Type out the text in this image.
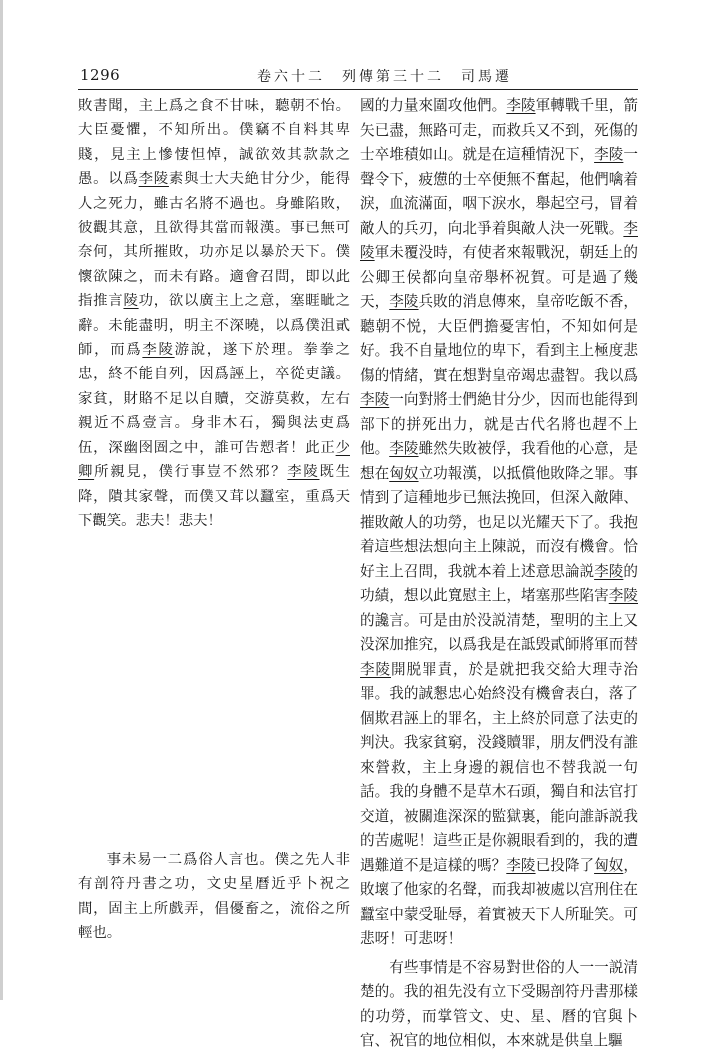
1296	卷六十二　列傳第三十二　司馬遷

敗書聞，主上爲之食不甘味，聽朝不怡。大臣憂懼，不知所出。僕竊不自料其卑賤，見主上慘悽怛悼，誠欲效其款款之愚。以爲李陵素與士大夫絶甘分少，能得人之死力，雖古名將不過也。身雖陷敗，彼觀其意，且欲得其當而報漢。事已無可奈何，其所摧敗，功亦足以暴於天下。僕懷欲陳之，而未有路。適會召問，即以此指推言陵功，欲以廣主上之意，塞睚眦之辭。未能盡明，明主不深曉，以爲僕沮貳師，而爲李陵游說，遂下於理。拳拳之忠，終不能自列，因爲誣上，卒從吏議。家貧，財賂不足以自贖，交游莫救，左右親近不爲壹言。身非木石，獨與法吏爲伍，深幽囹圄之中，誰可告愬者！此正少卿所親見，僕行事豈不然邪？李陵既生降，隤其家聲，而僕又茸以蠶室，重爲天下觀笑。悲夫！悲夫！

事未易一二爲俗人言也。僕之先人非有剖符丹書之功，文史星曆近乎卜祝之間，固主上所戲弄，倡優畜之，流俗之所輕也。

國的力量來圍攻他們。李陵軍轉戰千里，箭矢已盡，無路可走，而救兵又不到，死傷的士卒堆積如山。就是在這種情況下，李陵一聲令下，疲憊的士卒便無不奮起，他們噙着淚，血流滿面，咽下淚水，舉起空弓，冒着敵人的兵刃，向北爭着與敵人決一死戰。李陵軍未覆没時，有使者來報戰況，朝廷上的公卿王侯都向皇帝舉杯祝賀。可是過了幾天，李陵兵敗的消息傳來，皇帝吃飯不香，聽朝不悦，大臣們擔憂害怕，不知如何是好。我不自量地位的卑下，看到主上極度悲傷的情緒，實在想對皇帝竭忠盡智。我以爲李陵一向對將士們絶甘分少，因而也能得到部下的拼死出力，就是古代名將也趕不上他。李陵雖然失敗被俘，我看他的心意，是想在匈奴立功報漢，以抵償他敗降之罪。事情到了這種地步已無法挽回，但深入敵陣、摧敗敵人的功勞，也足以光耀天下了。我抱着這些想法想向主上陳説，而沒有機會。恰好主上召問，我就本着上述意思論説李陵的功績，想以此寬慰主上，堵塞那些陷害李陵的讒言。可是由於没説清楚，聖明的主上又没深加推究，以爲我是在詆毁貳師將軍而替李陵開脱罪責，於是就把我交給大理寺治罪。我的誠懇忠心始終没有機會表白，落了個欺君誣上的罪名，主上終於同意了法吏的判決。我家貧窮，没錢贖罪，朋友們没有誰來營救，主上身邊的親信也不替我説一句話。我的身體不是草木石頭，獨自和法官打交道，被關進深深的監獄裏，能向誰訴説我的苦處呢！這些正是你親眼看到的，我的遭遇難道不是這樣的嗎？李陵已投降了匈奴，敗壞了他家的名聲，而我却被處以宫刑住在蠶室中蒙受耻辱，着實被天下人所耻笑。可悲呀！可悲呀！

有些事情是不容易對世俗的人一一説清楚的。我的祖先没有立下受賜剖符丹書那樣的功勞，而掌管文、史、星、曆的官與卜官、祝官的地位相似，本來就是供皇上驅
